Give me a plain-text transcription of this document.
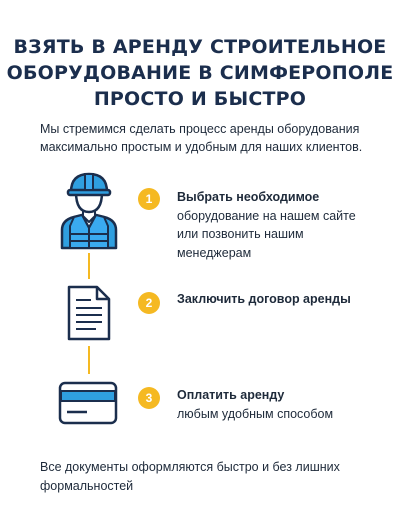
ВЗЯТЬ В АРЕНДУ СТРОИТЕЛЬНОЕ
ОБОРУДОВАНИЕ В СИМФЕРОПОЛЕ
ПРОСТО И БЫСТРО

Мы стремимся сделать процесс аренды оборудования
максимально простым и удобным для наших клиентов.

1	Выбрать необходимое
оборудование на нашем сайте
или позвонить нашим
менеджерам
2	Заключить договор аренды
3	Оплатить аренду
любым удобным способом

Все документы оформляются быстро и без лишних
формальностей
